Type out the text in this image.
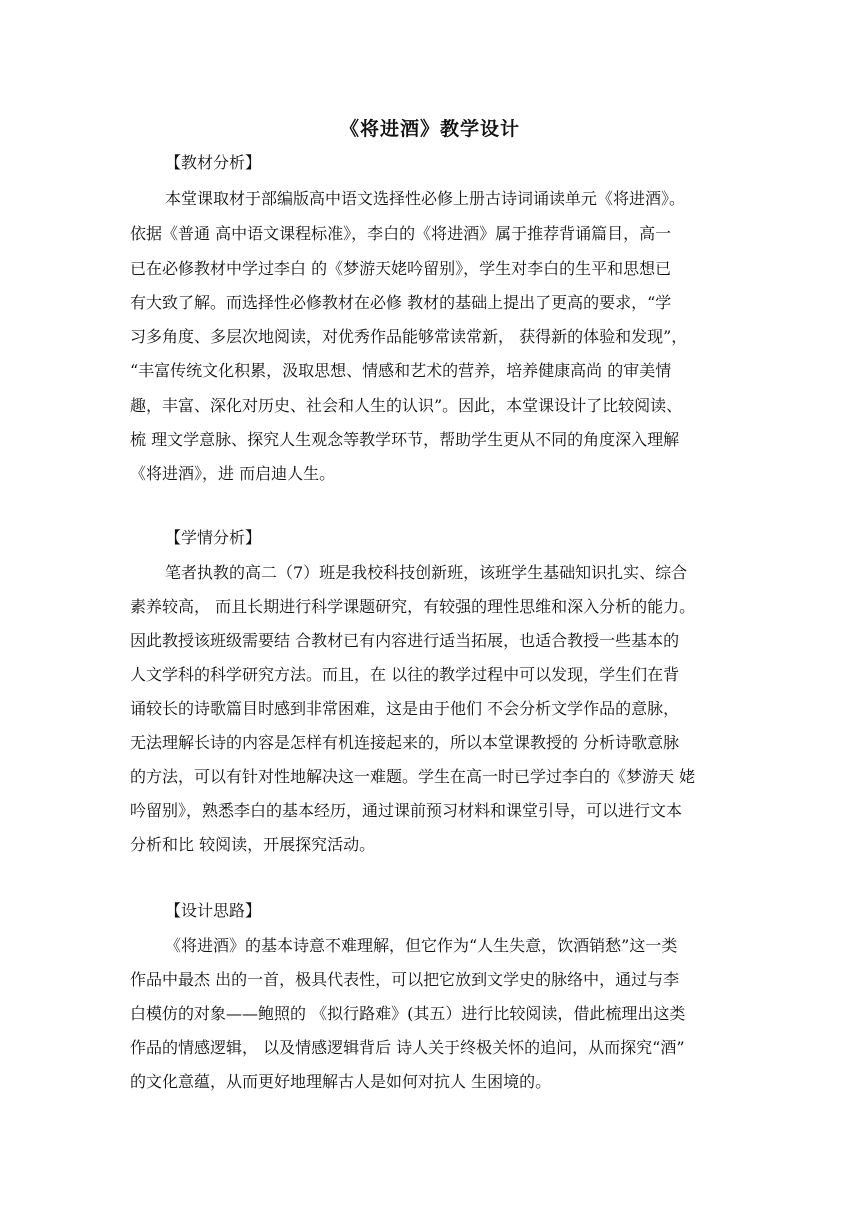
《将进酒》教学设计
【教材分析】
本堂课取材于部编版高中语文选择性必修上册古诗词诵读单元《将进酒》。
依据《普通 高中语文课程标准》，李白的《将进酒》属于推荐背诵篇目，高一
已在必修教材中学过李白 的《梦游天姥吟留别》，学生对李白的生平和思想已
有大致了解。而选择性必修教材在必修 教材的基础上提出了更高的要求，“学
习多角度、多层次地阅读，对优秀作品能够常读常新， 获得新的体验和发现”，
“丰富传统文化积累，汲取思想、情感和艺术的营养，培养健康高尚 的审美情
趣，丰富、深化对历史、社会和人生的认识”。因此，本堂课设计了比较阅读、
梳 理文学意脉、探究人生观念等教学环节，帮助学生更从不同的角度深入理解
《将进酒》，进 而启迪人生。
【学情分析】
笔者执教的高二（7）班是我校科技创新班，该班学生基础知识扎实、综合
素养较高， 而且长期进行科学课题研究，有较强的理性思维和深入分析的能力。
因此教授该班级需要结 合教材已有内容进行适当拓展，也适合教授一些基本的
人文学科的科学研究方法。而且，在 以往的教学过程中可以发现，学生们在背
诵较长的诗歌篇目时感到非常困难，这是由于他们 不会分析文学作品的意脉，
无法理解长诗的内容是怎样有机连接起来的，所以本堂课教授的 分析诗歌意脉
的方法，可以有针对性地解决这一难题。学生在高一时已学过李白的《梦游天 姥
吟留别》，熟悉李白的基本经历，通过课前预习材料和课堂引导，可以进行文本
分析和比 较阅读，开展探究活动。
【设计思路】
《将进酒》的基本诗意不难理解，但它作为“人生失意，饮酒销愁”这一类
作品中最杰 出的一首，极具代表性，可以把它放到文学史的脉络中，通过与李
白模仿的对象——鲍照的 《拟行路难》(其五）进行比较阅读，借此梳理出这类
作品的情感逻辑， 以及情感逻辑背后 诗人关于终极关怀的追问，从而探究“酒”
的文化意蕴，从而更好地理解古人是如何对抗人 生困境的。
